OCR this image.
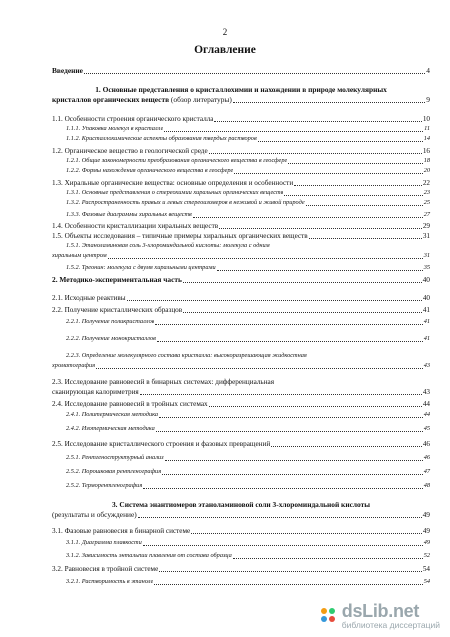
2
Оглавление
Введение	4
1. Основные представления о кристаллохимии и нахождении в природе молекулярных
кристаллов органических веществ (обзор литературы)	9
1.1. Особенности строения органического кристалла	10
1.1.1. Упаковка молекул в кристалле	11
1.1.2. Кристаллохимические аспекты образования твердых растворов	14
1.2. Органическое вещество в геологической среде	16
1.2.1. Общие закономерности преобразования органического вещества в геосфере	18
1.2.2. Формы нахождения органического вещества в геосфере	20
1.3. Хиральные органические вещества: основные определения и особенности	22
1.3.1. Основные представления о стереохимии хиральных органических веществ	23
1.3.2. Распространенность правых и левых стереоизомеров в неживой и живой природе	25
1.3.3. Фазовые диаграммы хиральных веществ	27
1.4. Особенности кристаллизации хиральных веществ	29
1.5. Объекты исследования – типичные примеры хиральных органических веществ	31
1.5.1. Этаноламиновая соль 3-хлороминдальной кислоты: молекула с одним
хиральным центром	31
1.5.2. Треонин: молекула с двумя хиральными центрами	35
2. Методико-экспериментальная часть	40
2.1. Исходные реактивы	40
2.2. Получение кристаллических образцов	41
2.2.1. Получение поликристаллов	41
2.2.2. Получение монокристаллов	41
2.2.3. Определение молекулярного состава кристалла: высокоразрешающая жидкостная
хроматография	43
2.3. Исследование равновесий в бинарных системах: дифференциальная
сканирующая калориметрия	43
2.4. Исследование равновесий в тройных системах	44
2.4.1. Политермическая методика	44
2.4.2. Изотермическая методика	45
2.5. Исследование кристаллического строения и фазовых превращений	46
2.5.1. Рентгеноструктурный анализ	46
2.5.2. Порошковая рентгенография	47
2.5.2. Терморентгенография	48
3. Система энантиомеров этаноламиновой соли 3-хлороминдальной кислоты
(результаты и обсуждение)	49
3.1. Фазовые равновесия в бинарной системе	49
3.1.1. Диаграмма плавкости	49
3.1.2. Зависимость энтальпии плавления от состава образца	52
3.2. Равновесия в тройной системе	54
3.2.1. Растворимость в этаноле	54
dsLib.net
библиотека диссертаций
